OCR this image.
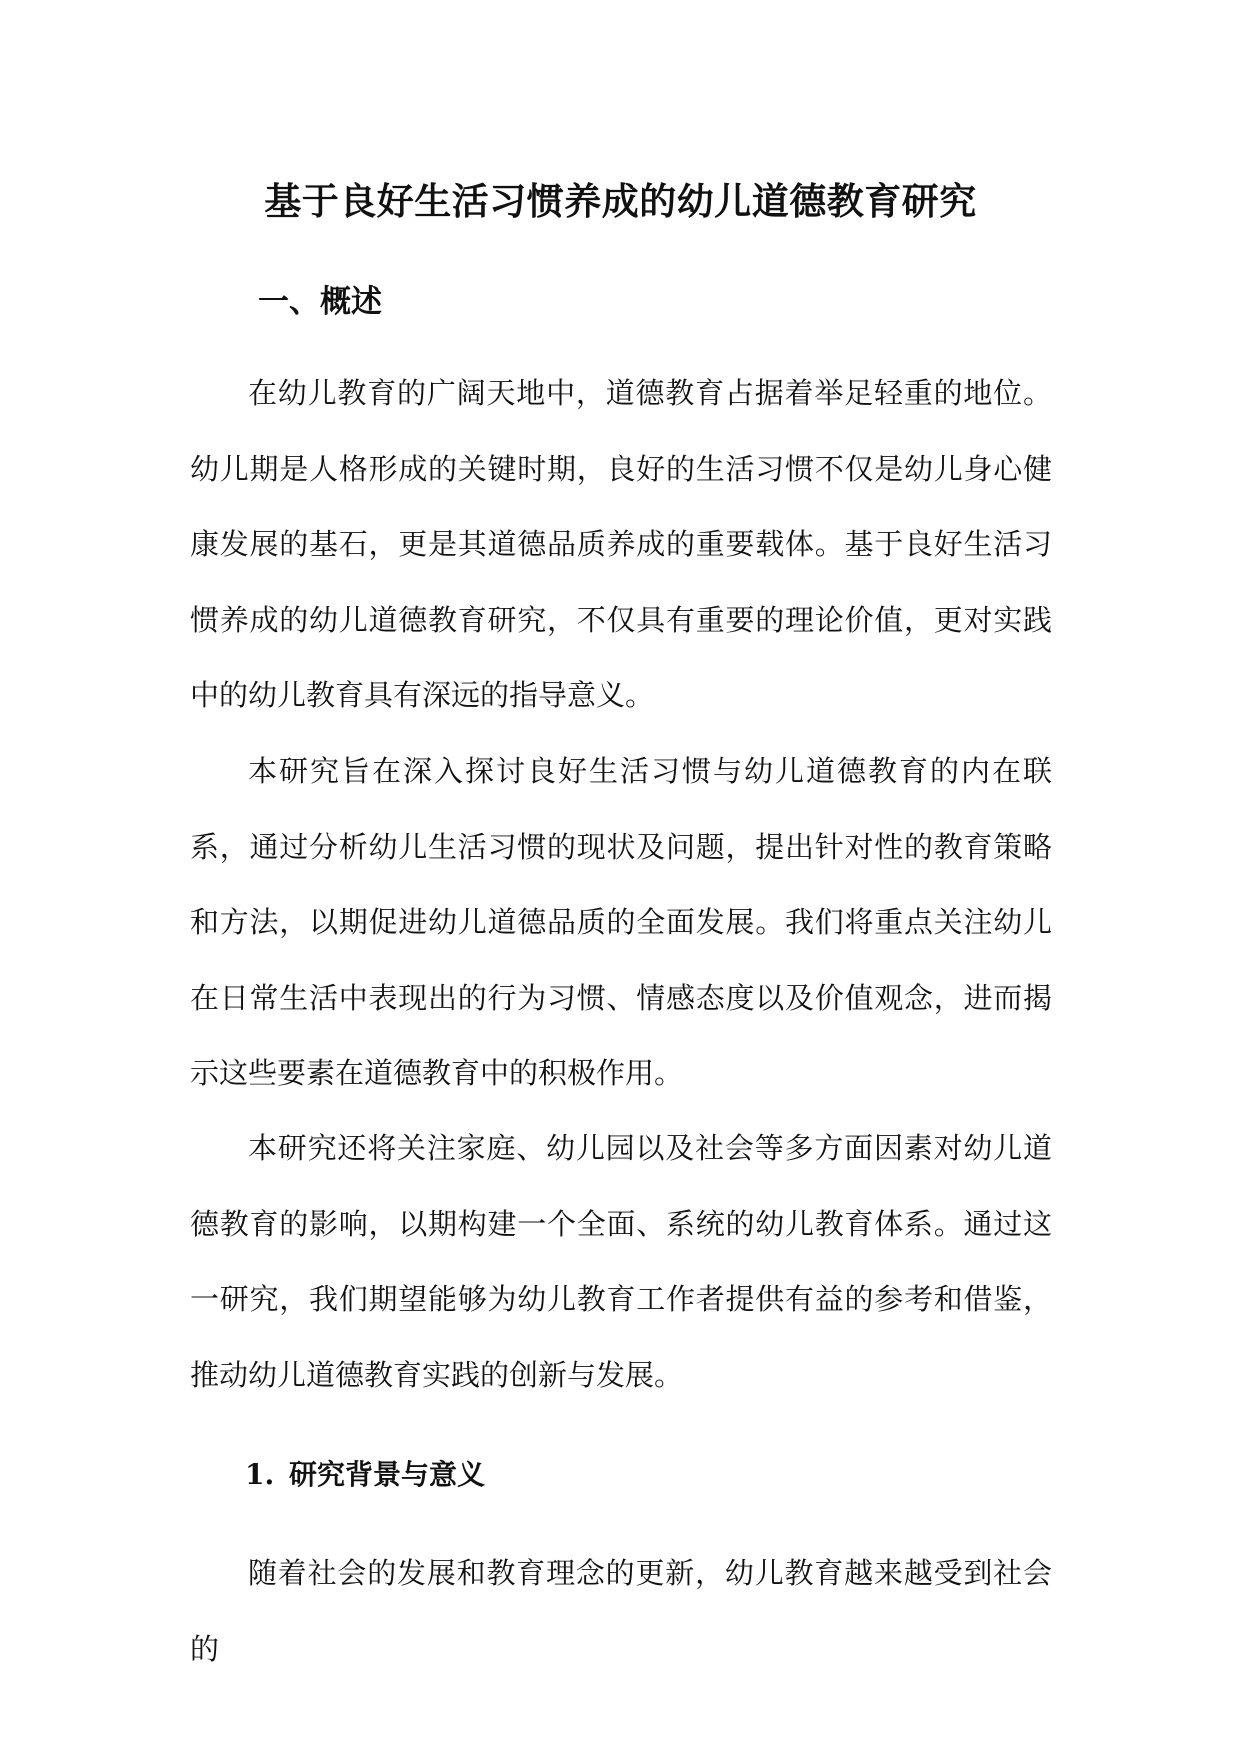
基于良好生活习惯养成的幼儿道德教育研究
一、概述

在幼儿教育的广阔天地中，道德教育占据着举足轻重的地位。幼儿期是人格形成的关键时期，良好的生活习惯不仅是幼儿身心健康发展的基石，更是其道德品质养成的重要载体。基于良好生活习惯养成的幼儿道德教育研究，不仅具有重要的理论价值，更对实践中的幼儿教育具有深远的指导意义。

本研究旨在深入探讨良好生活习惯与幼儿道德教育的内在联系，通过分析幼儿生活习惯的现状及问题，提出针对性的教育策略和方法，以期促进幼儿道德品质的全面发展。我们将重点关注幼儿在日常生活中表现出的行为习惯、情感态度以及价值观念，进而揭示这些要素在道德教育中的积极作用。

本研究还将关注家庭、幼儿园以及社会等多方面因素对幼儿道德教育的影响，以期构建一个全面、系统的幼儿教育体系。通过这一研究，我们期望能够为幼儿教育工作者提供有益的参考和借鉴，推动幼儿道德教育实践的创新与发展。

1. 研究背景与意义

随着社会的发展和教育理念的更新，幼儿教育越来越受到社会的
